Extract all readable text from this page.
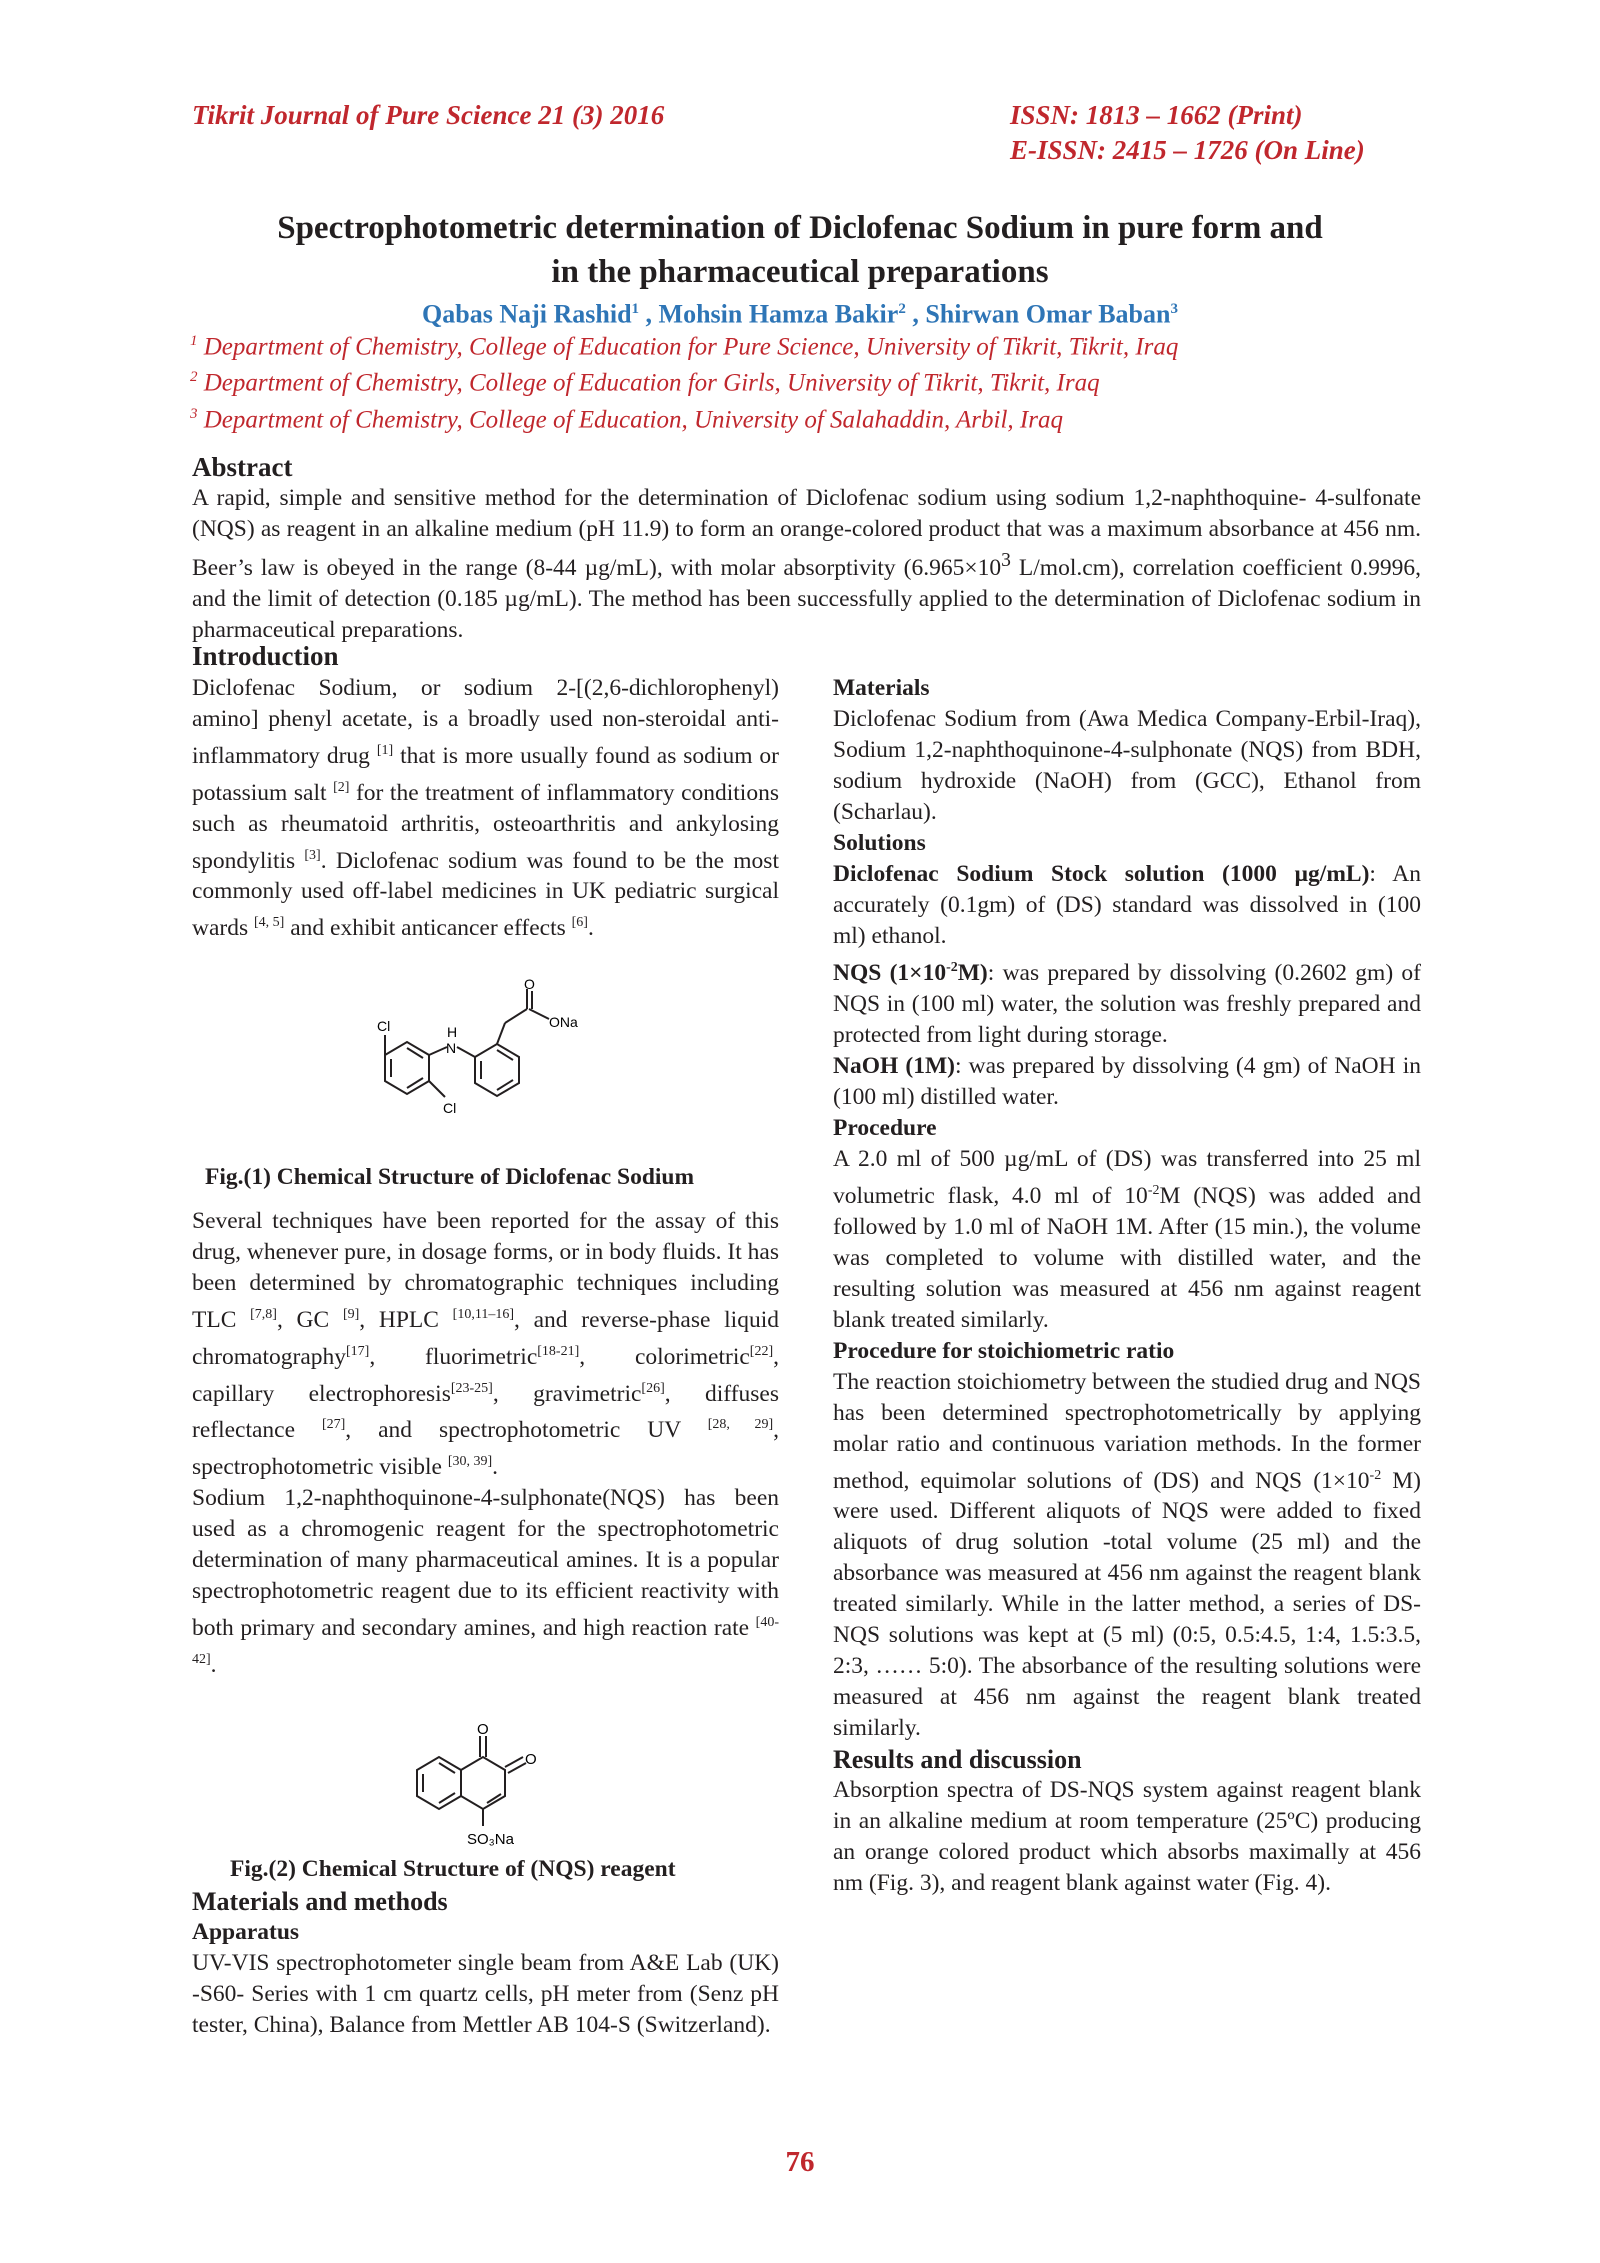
Tikrit Journal of Pure Science 21 (3) 2016	ISSN: 1813 – 1662 (Print)
E-ISSN: 2415 – 1726 (On Line)
Spectrophotometric determination of Diclofenac Sodium in pure form and
in the pharmaceutical preparations
Qabas Naji Rashid$^1$ , Mohsin Hamza Bakir$^2$ , Shirwan Omar Baban$^3$
$^1$ Department of Chemistry, College of Education for Pure Science, University of Tikrit, Tikrit, Iraq
$^2$ Department of Chemistry, College of Education for Girls, University of Tikrit, Tikrit, Iraq
$^3$ Department of Chemistry, College of Education, University of Salahaddin, Arbil, Iraq
Abstract
A rapid, simple and sensitive method for the determination of Diclofenac sodium using sodium 1,2-naphthoquine- 4-sulfonate (NQS) as reagent in an alkaline medium (pH 11.9) to form an orange-colored product that was a maximum absorbance at 456 nm. Beer’s law is obeyed in the range (8-44 µg/mL), with molar absorptivity ($6.965\times 10^3$ L/mol.cm), correlation coefficient 0.9996, and the limit of detection (0.185 µg/mL). The method has been successfully applied to the determination of Diclofenac sodium in pharmaceutical preparations.
Introduction

Diclofenac Sodium, or sodium 2-[(2,6-dichlorophenyl) amino] phenyl acetate, is a broadly used non-steroidal anti-inflammatory drug [1] that is more usually found as sodium or potassium salt [2] for the treatment of inflammatory conditions such as rheumatoid arthritis, osteoarthritis and ankylosing spondylitis [3]. Diclofenac sodium was found to be the most commonly used off-label medicines in UK pediatric surgical wards [4, 5] and exhibit anticancer effects [6].

Cl
Cl
H
N
O
ONa
Fig.(1) Chemical Structure of Diclofenac Sodium

Several techniques have been reported for the assay of this drug, whenever pure, in dosage forms, or in body fluids. It has been determined by chromatographic techniques including TLC [7,8], GC [9], HPLC [10,11–16], and reverse-phase liquid chromatography[17], fluorimetric[18-21], colorimetric[22], capillary electrophoresis[23-25], gravimetric[26], diffuses reflectance [27], and spectrophotometric UV [28, 29], spectrophotometric visible [30, 39].

Sodium 1,2-naphthoquinone-4-sulphonate(NQS) has been used as a chromogenic reagent for the spectrophotometric determination of many pharmaceutical amines. It is a popular spectrophotometric reagent due to its efficient reactivity with both primary and secondary amines, and high reaction rate [40-42].

O
O
SO₃Na
Fig.(2) Chemical Structure of (NQS) reagent

Materials and methods

Apparatus

UV-VIS spectrophotometer single beam from A&E Lab (UK) -S60- Series with 1 cm quartz cells, pH meter from (Senz pH tester, China), Balance from Mettler AB 104-S (Switzerland).

Materials

Diclofenac Sodium from (Awa Medica Company-Erbil-Iraq), Sodium 1,2-naphthoquinone-4-sulphonate (NQS) from BDH, sodium hydroxide (NaOH) from (GCC), Ethanol from (Scharlau).

Solutions

Diclofenac Sodium Stock solution (1000 µg/mL): An accurately (0.1gm) of (DS) standard was dissolved in (100 ml) ethanol.

NQS $(1\times 10^{-2}M)$: was prepared by dissolving (0.2602 gm) of NQS in (100 ml) water, the solution was freshly prepared and protected from light during storage.

NaOH (1M): was prepared by dissolving (4 gm) of NaOH in (100 ml) distilled water.

Procedure

A 2.0 ml of 500 µg/mL of (DS) was transferred into 25 ml volumetric flask, 4.0 ml of $10^{-2}M$ (NQS) was added and followed by 1.0 ml of NaOH 1M. After (15 min.), the volume was completed to volume with distilled water, and the resulting solution was measured at 456 nm against reagent blank treated similarly.

Procedure for stoichiometric ratio

The reaction stoichiometry between the studied drug and NQS has been determined spectrophotometrically by applying molar ratio and continuous variation methods. In the former method, equimolar solutions of (DS) and NQS ($1\times 10^{-2}$ M) were used. Different aliquots of NQS were added to fixed aliquots of drug solution -total volume (25 ml) and the absorbance was measured at 456 nm against the reagent blank treated similarly. While in the latter method, a series of DS-NQS solutions was kept at (5 ml) (0:5, 0.5:4.5, 1:4, 1.5:3.5, 2:3, …… 5:0). The absorbance of the resulting solutions were measured at 456 nm against the reagent blank treated similarly.

Results and discussion

Absorption spectra of DS-NQS system against reagent blank in an alkaline medium at room temperature (25ºC) producing an orange colored product which absorbs maximally at 456 nm (Fig. 3), and reagent blank against water (Fig. 4).

76
